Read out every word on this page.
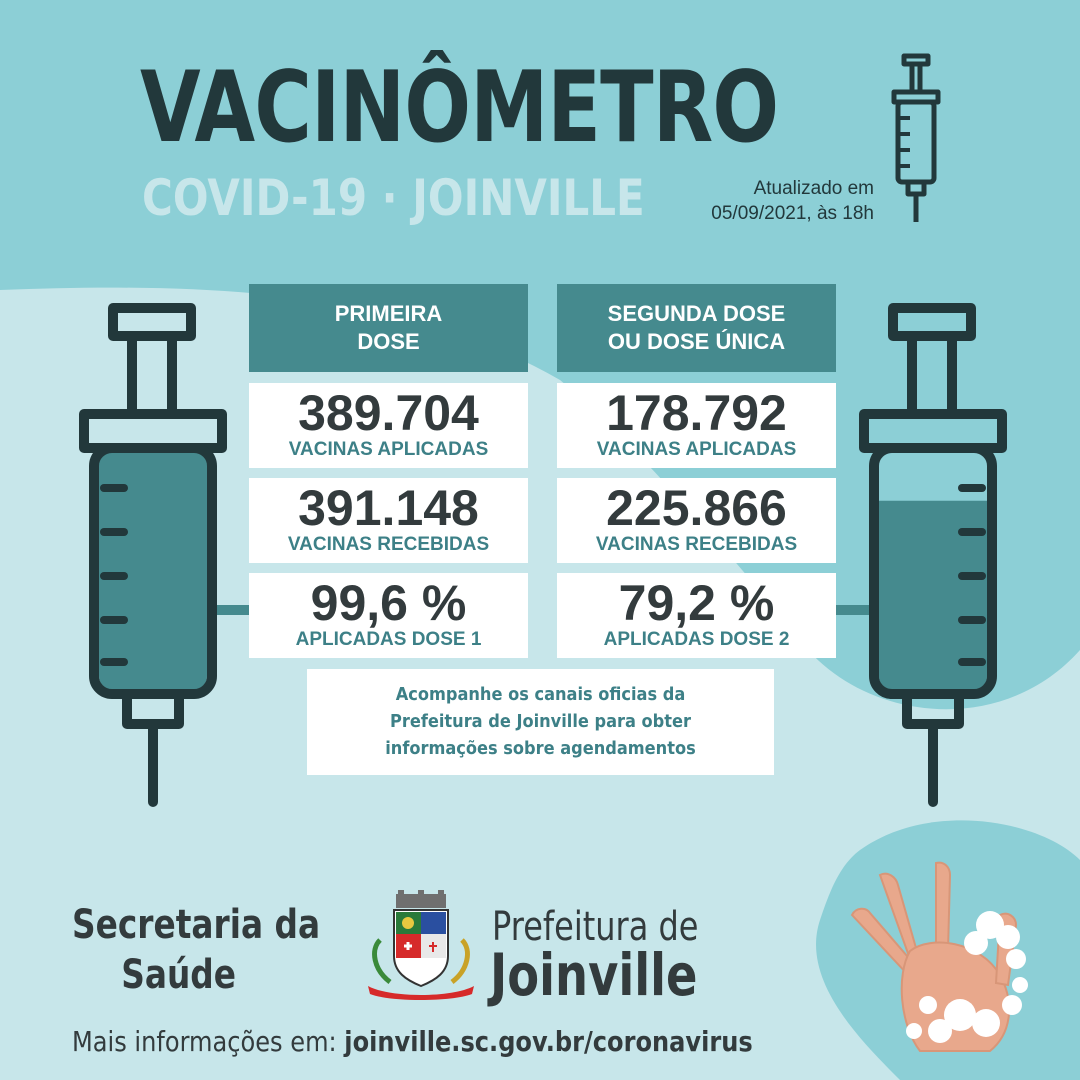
VACINÔMETRO
COVID-19 · JOINVILLE	Atualizado em
05/09/2021, às 18h
PRIMEIRA
DOSE
389.704
VACINAS APLICADAS
391.148
VACINAS RECEBIDAS
99,6 %
APLICADAS DOSE 1
SEGUNDA DOSE
OU DOSE ÚNICA
178.792
VACINAS APLICADAS
225.866
VACINAS RECEBIDAS
79,2 %
APLICADAS DOSE 2
Acompanhe os canais oficias da
Prefeitura de Joinville para obter
informações sobre agendamentos
Secretaria da
Saúde
Prefeitura de
Joinville
Mais informações em: joinville.sc.gov.br/coronavirus
